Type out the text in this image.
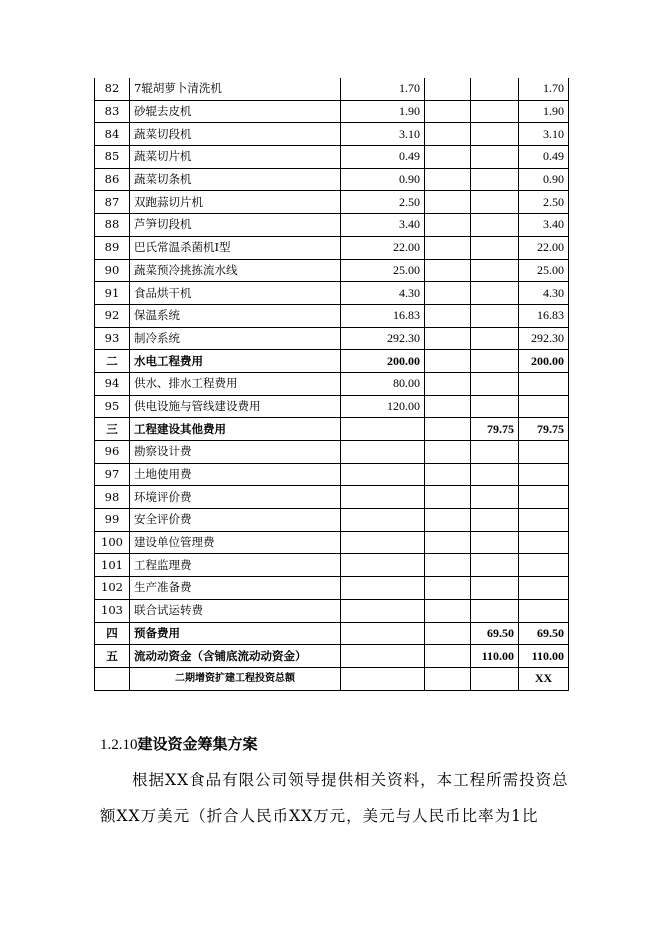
82	7辊胡萝卜清洗机	1.70			1.70
83	砂辊去皮机	1.90			1.90
84	蔬菜切段机	3.10			3.10
85	蔬菜切片机	0.49			0.49
86	蔬菜切条机	0.90			0.90
87	双跑蒜切片机	2.50			2.50
88	芦笋切段机	3.40			3.40
89	巴氏常温杀菌机Ⅰ型	22.00			22.00
90	蔬菜预冷挑拣流水线	25.00			25.00
91	食品烘干机	4.30			4.30
92	保温系统	16.83			16.83
93	制冷系统	292.30			292.30
二	水电工程费用	200.00			200.00
94	供水、排水工程费用	80.00			
95	供电设施与管线建设费用	120.00			
三	工程建设其他费用			79.75	79.75
96	勘察设计费				
97	土地使用费				
98	环境评价费				
99	安全评价费				
100	建设单位管理费				
101	工程监理费				
102	生产准备费				
103	联合试运转费				
四	预备费用			69.50	69.50
五	流动动资金（含铺底流动动资金）			110.00	110.00
	二期增资扩建工程投资总额				XX
1.2.10建设资金筹集方案
根据XX食品有限公司领导提供相关资料，本工程所需投资总
额XX万美元（折合人民币XX万元，美元与人民币比率为1比
